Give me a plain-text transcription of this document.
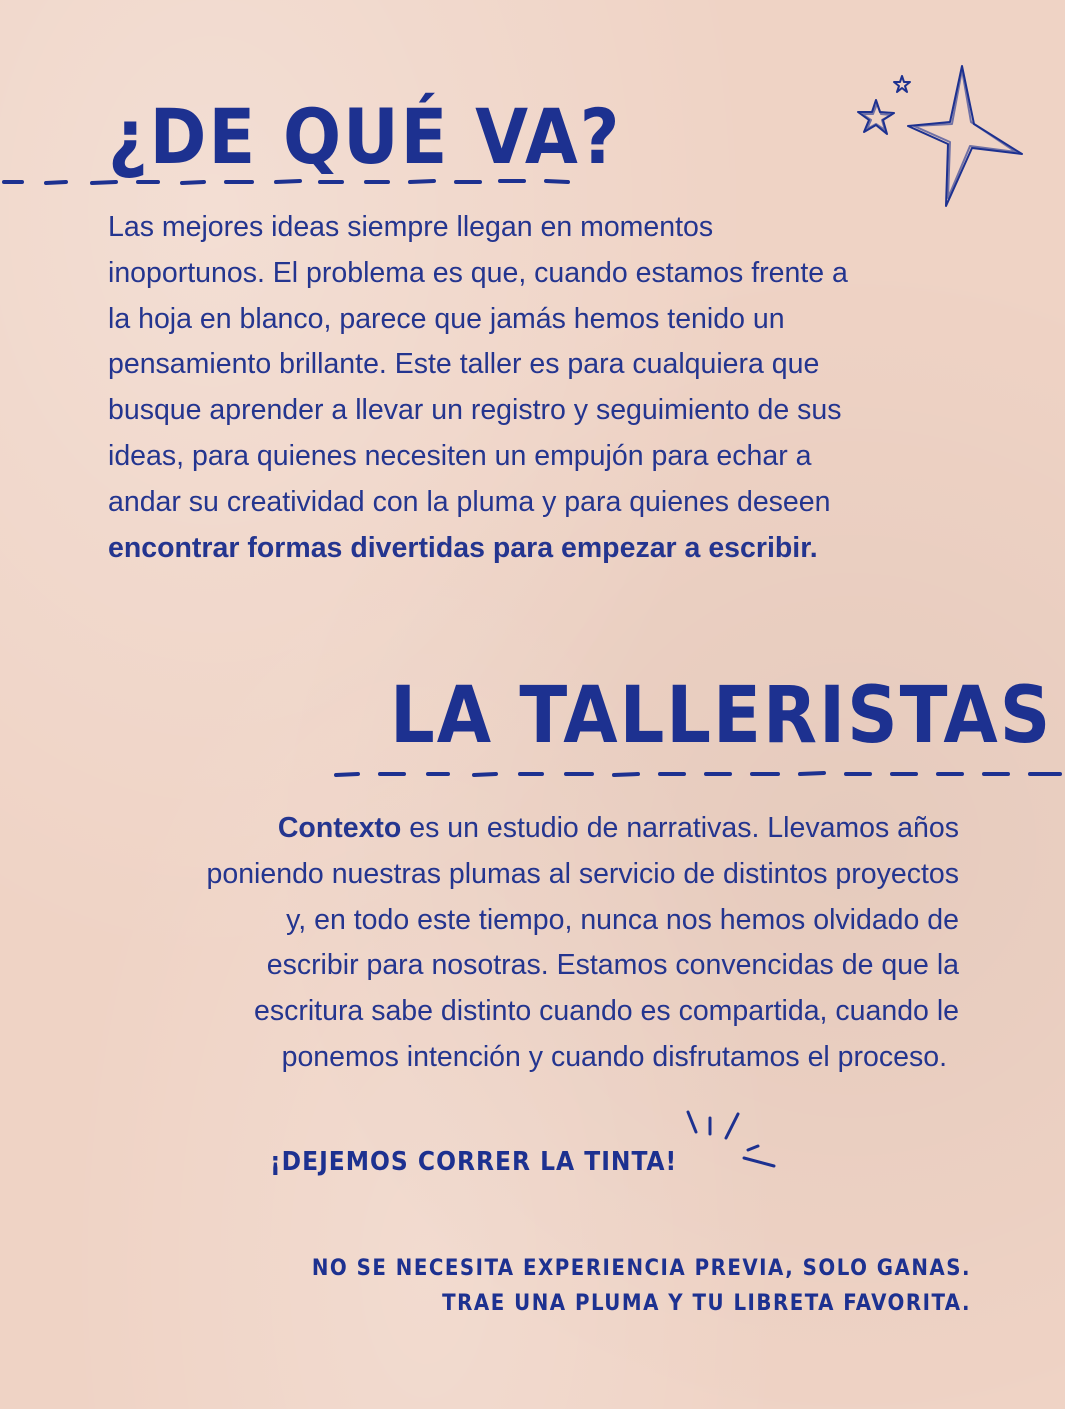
¿DE QUÉ VA?
Las mejores ideas siempre llegan en momentos
inoportunos. El problema es que, cuando estamos frente a
la hoja en blanco, parece que jamás hemos tenido un
pensamiento brillante. Este taller es para cualquiera que
busque aprender a llevar un registro y seguimiento de sus
ideas, para quienes necesiten un empujón para echar a
andar su creatividad con la pluma y para quienes deseen
encontrar formas divertidas para empezar a escribir.
LA TALLERISTAS
Contexto es un estudio de narrativas. Llevamos años
poniendo nuestras plumas al servicio de distintos proyectos
y, en todo este tiempo, nunca nos hemos olvidado de
escribir para nosotras. Estamos convencidas de que la
escritura sabe distinto cuando es compartida, cuando le
ponemos intención y cuando disfrutamos el proceso.
¡DEJEMOS CORRER LA TINTA!
NO SE NECESITA EXPERIENCIA PREVIA, SOLO GANAS.
TRAE UNA PLUMA Y TU LIBRETA FAVORITA.
